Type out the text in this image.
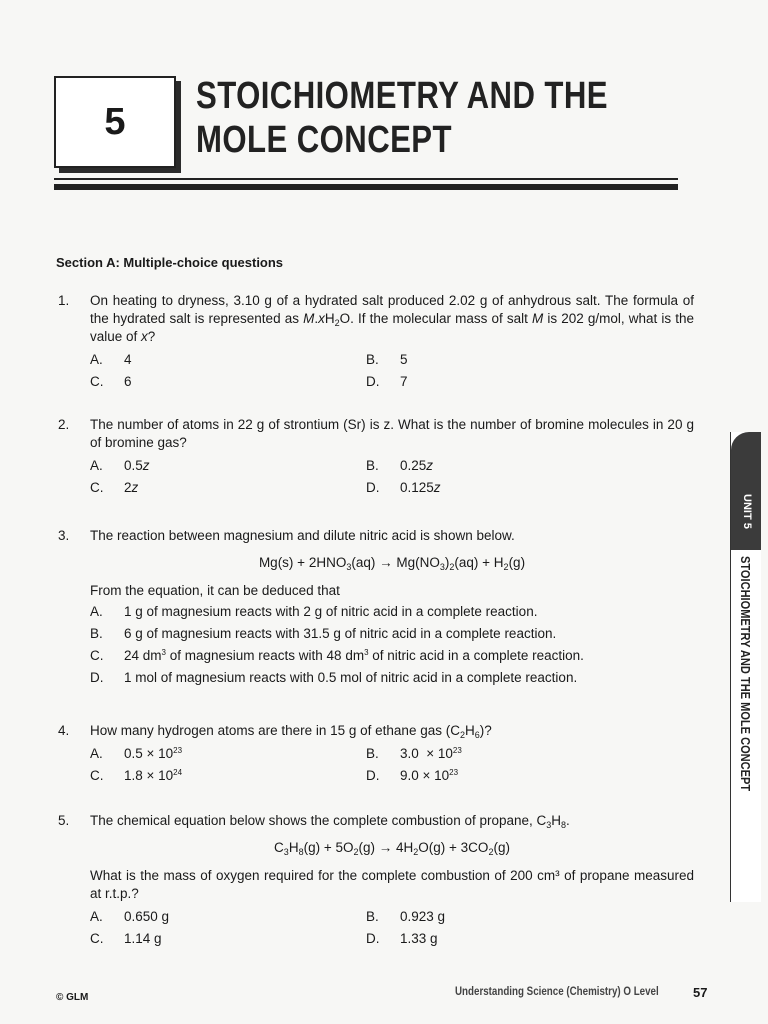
5
STOICHIOMETRY AND THE
MOLE CONCEPT
Section A: Multiple-choice questions
1. On heating to dryness, 3.10 g of a hydrated salt produced 2.02 g of anhydrous salt. The formula of the hydrated salt is represented as $M.xH_2O$. If the molecular mass of salt M is 202 g/mol, what is the value of x?
A.	4	B.	5
C.	6	D.	7
2. The number of atoms in 22 g of strontium (Sr) is z. What is the number of bromine molecules in 20 g of bromine gas?
A.	0.5z	B.	0.25z
C.	2z	D.	0.125z
3. The reaction between magnesium and dilute nitric acid is shown below.
$Mg(s) + 2HNO_3(aq) \to Mg(NO_3)_2(aq) + H_2(g)$
From the equation, it can be deduced that
A.	1 g of magnesium reacts with 2 g of nitric acid in a complete reaction.
B.	6 g of magnesium reacts with 31.5 g of nitric acid in a complete reaction.
C.	24 $dm^3$ of magnesium reacts with 48 $dm^3$ of nitric acid in a complete reaction.
D.	1 mol of magnesium reacts with 0.5 mol of nitric acid in a complete reaction.
4. How many hydrogen atoms are there in 15 g of ethane gas $(C_2H_6)$?
A.	$0.5 \times 10^{23}$	B.	$3.0 \times 10^{23}$
C.	$1.8 \times 10^{24}$	D.	$9.0 \times 10^{23}$
5. The chemical equation below shows the complete combustion of propane, $C_3H_8$.
$C_3H_8(g) + 5O_2(g) \to 4H_2O(g) + 3CO_2(g)$
What is the mass of oxygen required for the complete combustion of 200 cm³ of propane measured at r.t.p.?
A.	0.650 g	B.	0.923 g
C.	1.14 g	D.	1.33 g
UNIT 5
STOICHIOMETRY AND THE MOLE CONCEPT
© GLM	Understanding Science (Chemistry) O Level	57
